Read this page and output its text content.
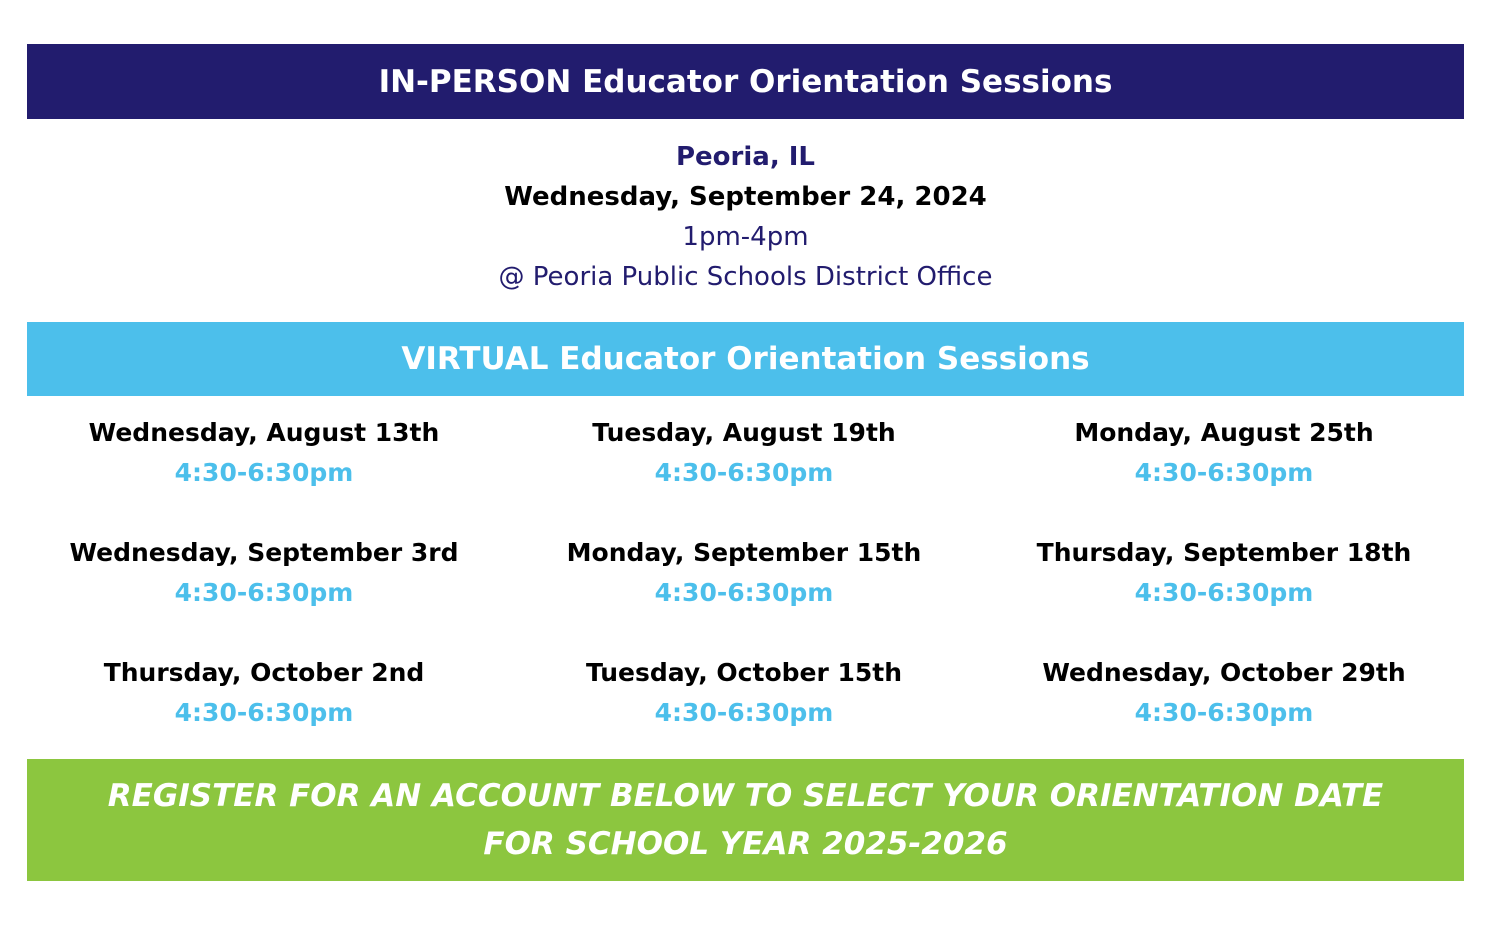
IN-PERSON Educator Orientation Sessions
Peoria, IL
Wednesday, September 24, 2024
1pm-4pm
@ Peoria Public Schools District Office
VIRTUAL Educator Orientation Sessions
Wednesday, August 13th
4:30-6:30pm
Tuesday, August 19th
4:30-6:30pm
Monday, August 25th
4:30-6:30pm
Wednesday, September 3rd
4:30-6:30pm
Monday, September 15th
4:30-6:30pm
Thursday, September 18th
4:30-6:30pm
Thursday, October 2nd
4:30-6:30pm
Tuesday, October 15th
4:30-6:30pm
Wednesday, October 29th
4:30-6:30pm
REGISTER FOR AN ACCOUNT BELOW TO SELECT YOUR ORIENTATION DATE
FOR SCHOOL YEAR 2025-2026
